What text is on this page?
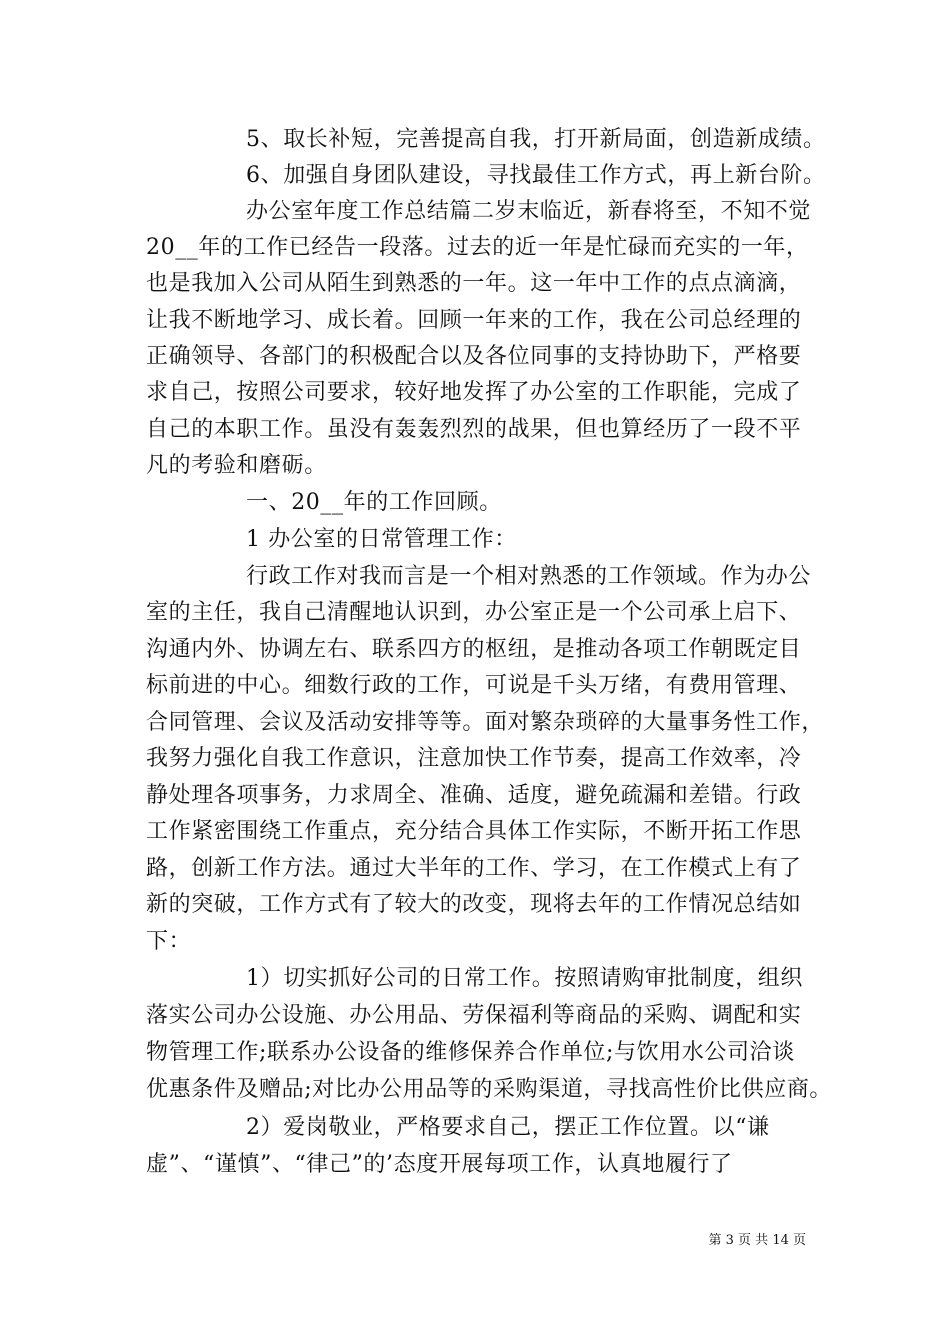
5、取长补短，完善提高自我，打开新局面，创造新成绩。
6、加强自身团队建设，寻找最佳工作方式，再上新台阶。
办公室年度工作总结篇二岁末临近，新春将至，不知不觉
20__年的工作已经告一段落。过去的近一年是忙碌而充实的一年，
也是我加入公司从陌生到熟悉的一年。这一年中工作的点点滴滴，
让我不断地学习、成长着。回顾一年来的工作，我在公司总经理的
正确领导、各部门的积极配合以及各位同事的支持协助下，严格要
求自己，按照公司要求，较好地发挥了办公室的工作职能，完成了
自己的本职工作。虽没有轰轰烈烈的战果，但也算经历了一段不平
凡的考验和磨砺。
一、20__年的工作回顾。
1 办公室的日常管理工作：
行政工作对我而言是一个相对熟悉的工作领域。作为办公
室的主任，我自己清醒地认识到，办公室正是一个公司承上启下、
沟通内外、协调左右、联系四方的枢纽，是推动各项工作朝既定目
标前进的中心。细数行政的工作，可说是千头万绪，有费用管理、
合同管理、会议及活动安排等等。面对繁杂琐碎的大量事务性工作，
我努力强化自我工作意识，注意加快工作节奏，提高工作效率，冷
静处理各项事务，力求周全、准确、适度，避免疏漏和差错。行政
工作紧密围绕工作重点，充分结合具体工作实际，不断开拓工作思
路，创新工作方法。通过大半年的工作、学习，在工作模式上有了
新的突破，工作方式有了较大的改变，现将去年的工作情况总结如
下：
1）切实抓好公司的日常工作。按照请购审批制度，组织
落实公司办公设施、办公用品、劳保福利等商品的采购、调配和实
物管理工作;联系办公设备的维修保养合作单位;与饮用水公司洽谈
优惠条件及赠品;对比办公用品等的采购渠道，寻找高性价比供应商。
2）爱岗敬业，严格要求自己，摆正工作位置。以“谦
虚”、“谨慎”、“律己”的’态度开展每项工作，认真地履行了
第 3 页 共 14 页
